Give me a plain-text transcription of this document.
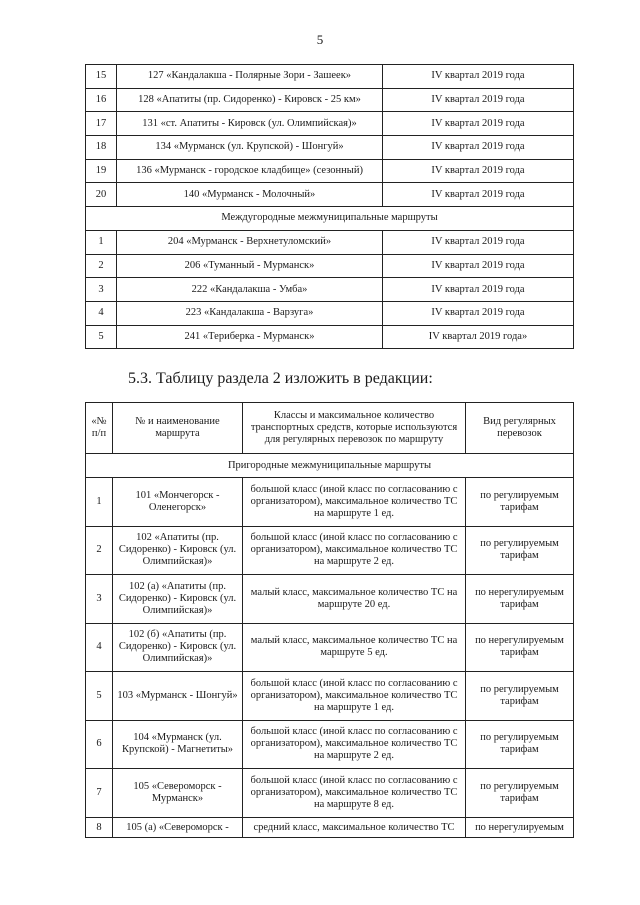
5
15	127 «Кандалакша - Полярные Зори - Зашеек»	IV квартал 2019 года
16	128 «Апатиты (пр. Сидоренко) - Кировск - 25 км»	IV квартал 2019 года
17	131 «ст. Апатиты - Кировск (ул. Олимпийская)»	IV квартал 2019 года
18	134 «Мурманск (ул. Крупской) - Шонгуй»	IV квартал 2019 года
19	136 «Мурманск - городское кладбище» (сезонный)	IV квартал 2019 года
20	140 «Мурманск - Молочный»	IV квартал 2019 года
Междугородные межмуниципальные маршруты		
1	204 «Мурманск - Верхнетуломский»	IV квартал 2019 года
2	206 «Туманный - Мурманск»	IV квартал 2019 года
3	222 «Кандалакша - Умба»	IV квартал 2019 года
4	223 «Кандалакша - Варзуга»	IV квартал 2019 года
5	241 «Териберка - Мурманск»	IV квартал 2019 года»
5.3. Таблицу раздела 2 изложить в редакции:
«№ п/п	№ и наименование маршрута	Классы и максимальное количество транспортных средств, которые используются для регулярных перевозок по маршруту	Вид регулярных перевозок
Пригородные межмуниципальные маршруты			
1	101 «Мончегорск - Оленегорск»	большой класс (иной класс по согласованию с организатором), максимальное количество ТС на маршруте 1 ед.	по регулируемым тарифам
2	102 «Апатиты (пр. Сидоренко) - Кировск (ул. Олимпийская)»	большой класс (иной класс по согласованию с организатором), максимальное количество ТС на маршруте 2 ед.	по регулируемым тарифам
3	102 (а) «Апатиты (пр. Сидоренко) - Кировск (ул. Олимпийская)»	малый класс, максимальное количество ТС на маршруте 20 ед.	по нерегулируемым тарифам
4	102 (б) «Апатиты (пр. Сидоренко) - Кировск (ул. Олимпийская)»	малый класс, максимальное количество ТС на маршруте 5 ед.	по нерегулируемым тарифам
5	103 «Мурманск - Шонгуй»	большой класс (иной класс по согласованию с организатором), максимальное количество ТС на маршруте 1 ед.	по регулируемым тарифам
6	104 «Мурманск (ул. Крупской) - Магнетиты»	большой класс (иной класс по согласованию с организатором), максимальное количество ТС на маршруте 2 ед.	по регулируемым тарифам
7	105 «Североморск - Мурманск»	большой класс (иной класс по согласованию с организатором), максимальное количество ТС на маршруте 8 ед.	по регулируемым тарифам
8	105 (а) «Североморск -	средний класс, максимальное количество ТС	по нерегулируемым
